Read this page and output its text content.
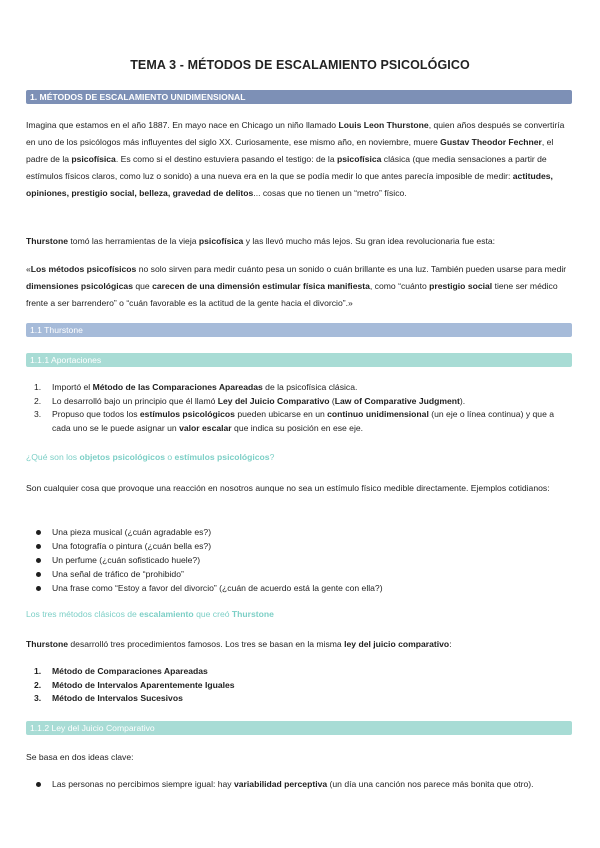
TEMA 3 - MÉTODOS DE ESCALAMIENTO PSICOLÓGICO
1. MÉTODOS DE ESCALAMIENTO UNIDIMENSIONAL
Imagina que estamos en el año 1887. En mayo nace en Chicago un niño llamado Louis Leon Thurstone, quien años después se convertiría en uno de los psicólogos más influyentes del siglo XX. Curiosamente, ese mismo año, en noviembre, muere Gustav Theodor Fechner, el padre de la psicofísica. Es como si el destino estuviera pasando el testigo: de la psicofísica clásica (que media sensaciones a partir de estímulos físicos claros, como luz o sonido) a una nueva era en la que se podía medir lo que antes parecía imposible de medir: actitudes, opiniones, prestigio social, belleza, gravedad de delitos... cosas que no tienen un “metro” físico.
Thurstone tomó las herramientas de la vieja psicofísica y las llevó mucho más lejos. Su gran idea revolucionaria fue esta:
«Los métodos psicofísicos no solo sirven para medir cuánto pesa un sonido o cuán brillante es una luz. También pueden usarse para medir dimensiones psicológicas que carecen de una dimensión estimular física manifiesta, como “cuánto prestigio social tiene ser médico frente a ser barrendero” o “cuán favorable es la actitud de la gente hacia el divorcio”.»
1.1 Thurstone
1.1.1 Aportaciones
1. Importó el Método de las Comparaciones Apareadas de la psicofísica clásica.
2. Lo desarrolló bajo un principio que él llamó Ley del Juicio Comparativo (Law of Comparative Judgment).
3. Propuso que todos los estímulos psicológicos pueden ubicarse en un continuo unidimensional (un eje o línea continua) y que a cada uno se le puede asignar un valor escalar que indica su posición en ese eje.
¿Qué son los objetos psicológicos o estímulos psicológicos?
Son cualquier cosa que provoque una reacción en nosotros aunque no sea un estímulo físico medible directamente. Ejemplos cotidianos:
Una pieza musical (¿cuán agradable es?)
Una fotografía o pintura (¿cuán bella es?)
Un perfume (¿cuán sofisticado huele?)
Una señal de tráfico de “prohibido”
Una frase como “Estoy a favor del divorcio” (¿cuán de acuerdo está la gente con ella?)
Los tres métodos clásicos de escalamiento que creó Thurstone
Thurstone desarrolló tres procedimientos famosos. Los tres se basan en la misma ley del juicio comparativo:
1. Método de Comparaciones Apareadas
2. Método de Intervalos Aparentemente Iguales
3. Método de Intervalos Sucesivos
1.1.2 Ley del Juicio Comparativo
Se basa en dos ideas clave:
Las personas no percibimos siempre igual: hay variabilidad perceptiva (un día una canción nos parece más bonita que otro).
